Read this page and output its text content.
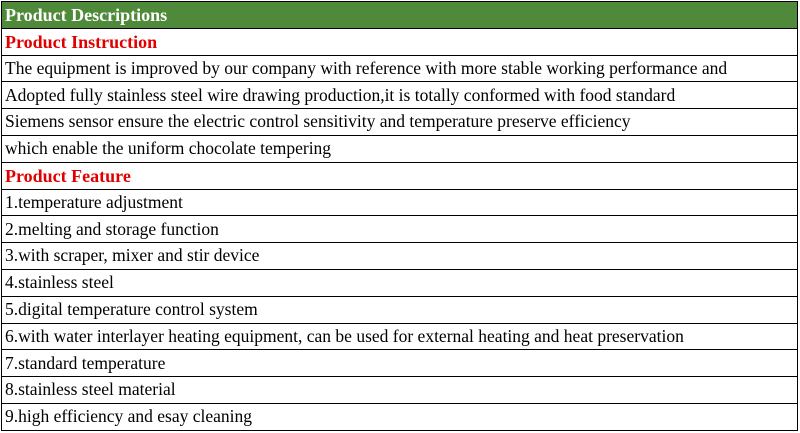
Product Descriptions
Product Instruction
The equipment is improved by our company with reference with more stable working performance and
Adopted fully stainless steel wire drawing production,it is totally conformed with food standard
Siemens sensor ensure the electric control sensitivity and temperature preserve efficiency
which enable the uniform chocolate tempering
Product Feature
1.temperature adjustment
2.melting and storage function
3.with scraper, mixer and stir device
4.stainless steel
5.digital temperature control system
6.with water interlayer heating equipment, can be used for external heating and heat preservation
7.standard temperature
8.stainless steel material
9.high efficiency and esay cleaning
